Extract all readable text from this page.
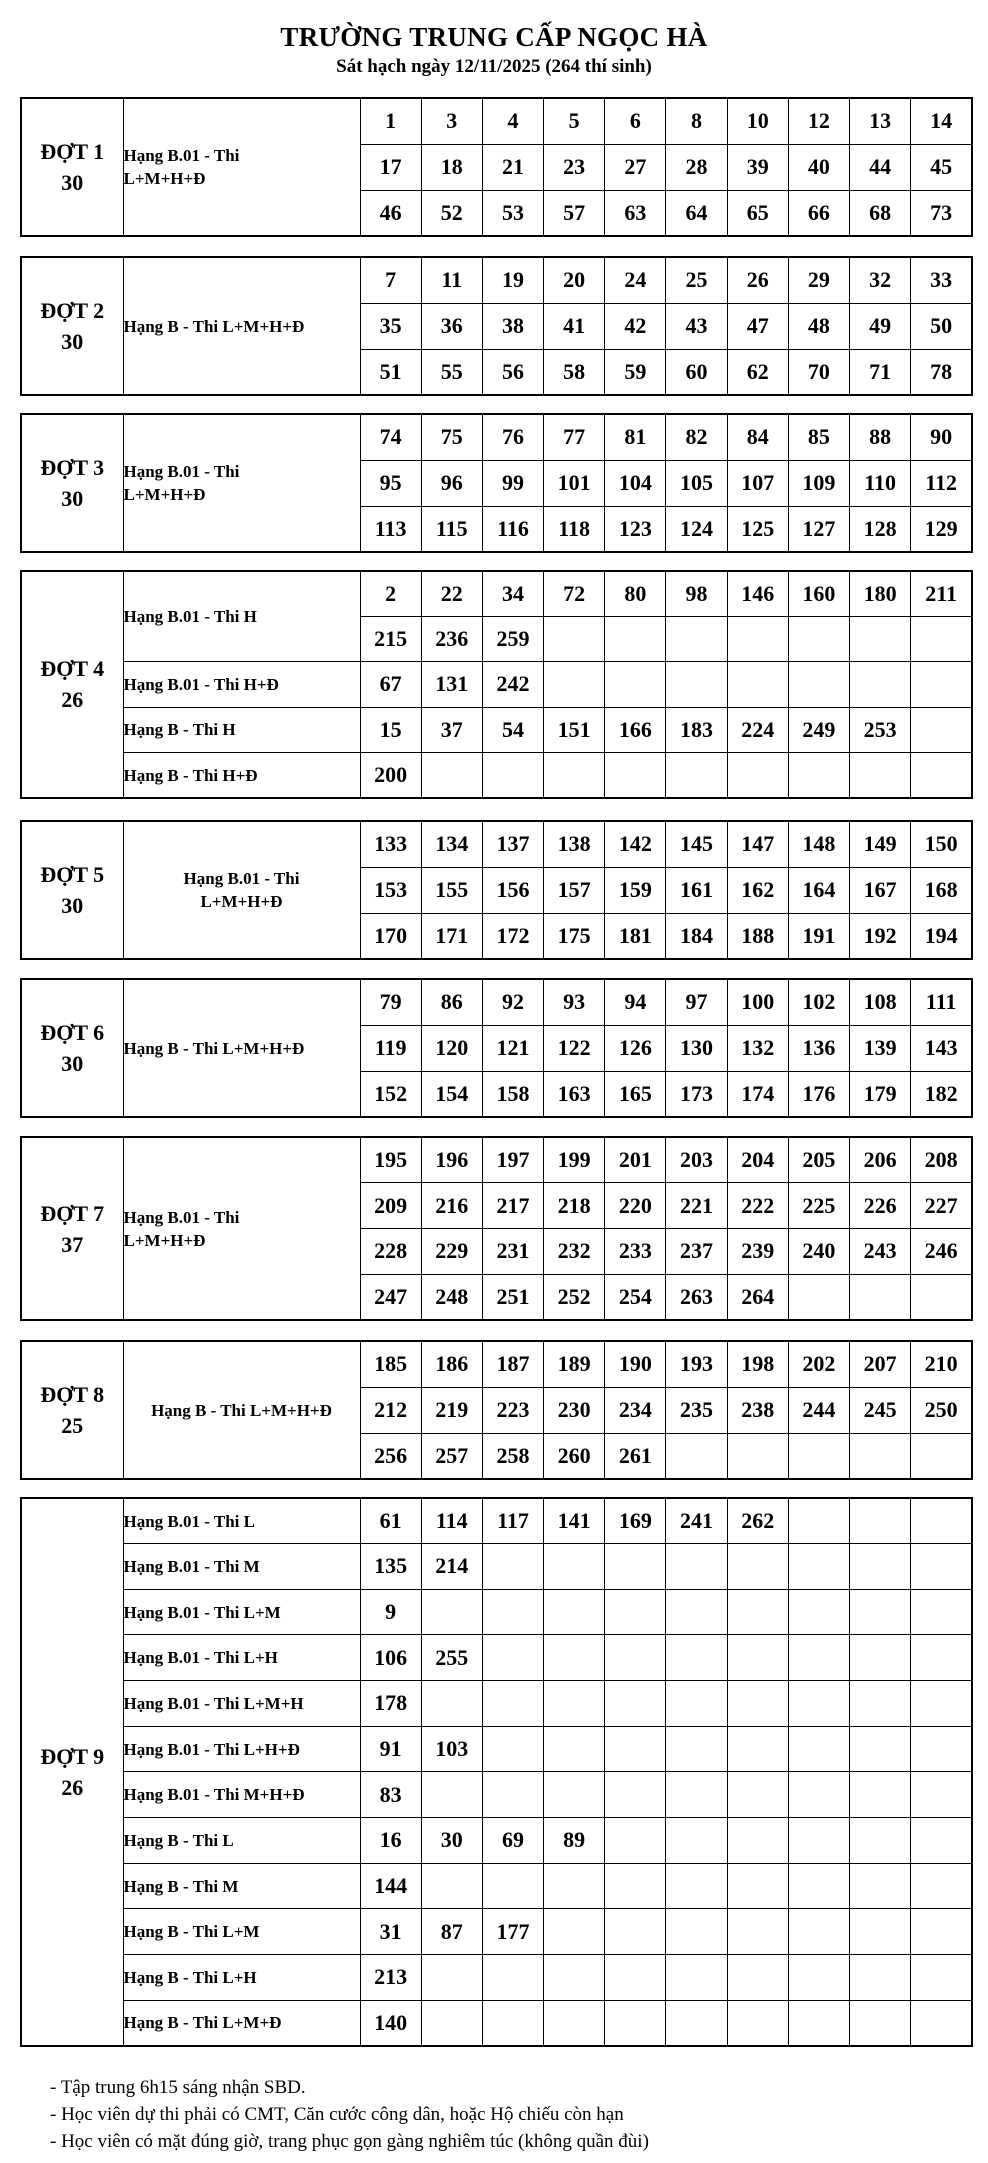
TRƯỜNG TRUNG CẤP NGỌC HÀ
Sát hạch ngày 12/11/2025 (264 thí sinh)
ĐỢT 1
30	Hạng B.01 - Thi L+M+H+Đ	1	3	4	5	6	8	10	12	13	14
		17	18	21	23	27	28	39	40	44	45
		46	52	53	57	63	64	65	66	68	73
ĐỢT 2
30	Hạng B - Thi L+M+H+Đ	7	11	19	20	24	25	26	29	32	33
		35	36	38	41	42	43	47	48	49	50
		51	55	56	58	59	60	62	70	71	78
ĐỢT 3
30	Hạng B.01 - Thi L+M+H+Đ	74	75	76	77	81	82	84	85	88	90
		95	96	99	101	104	105	107	109	110	112
		113	115	116	118	123	124	125	127	128	129
ĐỢT 4
26	Hạng B.01 - Thi H	2	22	34	72	80	98	146	160	180	211
		215	236	259							
	Hạng B.01 - Thi H+Đ	67	131	242							
	Hạng B - Thi H	15	37	54	151	166	183	224	249	253	
	Hạng B - Thi H+Đ	200									
ĐỢT 5
30	Hạng B.01 - Thi L+M+H+Đ	133	134	137	138	142	145	147	148	149	150
		153	155	156	157	159	161	162	164	167	168
		170	171	172	175	181	184	188	191	192	194
ĐỢT 6
30	Hạng B - Thi L+M+H+Đ	79	86	92	93	94	97	100	102	108	111
		119	120	121	122	126	130	132	136	139	143
		152	154	158	163	165	173	174	176	179	182
ĐỢT 7
37	Hạng B.01 - Thi L+M+H+Đ	195	196	197	199	201	203	204	205	206	208
		209	216	217	218	220	221	222	225	226	227
		228	229	231	232	233	237	239	240	243	246
		247	248	251	252	254	263	264			
ĐỢT 8
25	Hạng B - Thi L+M+H+Đ	185	186	187	189	190	193	198	202	207	210
		212	219	223	230	234	235	238	244	245	250
		256	257	258	260	261					
ĐỢT 9
26	Hạng B.01 - Thi L	61	114	117	141	169	241	262			
	Hạng B.01 - Thi M	135	214								
	Hạng B.01 - Thi L+M	9									
	Hạng B.01 - Thi L+H	106	255								
	Hạng B.01 - Thi L+M+H	178									
	Hạng B.01 - Thi L+H+Đ	91	103								
	Hạng B.01 - Thi M+H+Đ	83									
	Hạng B - Thi L	16	30	69	89						
	Hạng B - Thi M	144									
	Hạng B - Thi L+M	31	87	177							
	Hạng B - Thi L+H	213									
	Hạng B - Thi L+M+Đ	140									
- Tập trung 6h15 sáng nhận SBD.
- Học viên dự thi phải có CMT, Căn cước công dân, hoặc Hộ chiếu còn hạn
- Học viên có mặt đúng giờ, trang phục gọn gàng nghiêm túc (không quần đùi)
